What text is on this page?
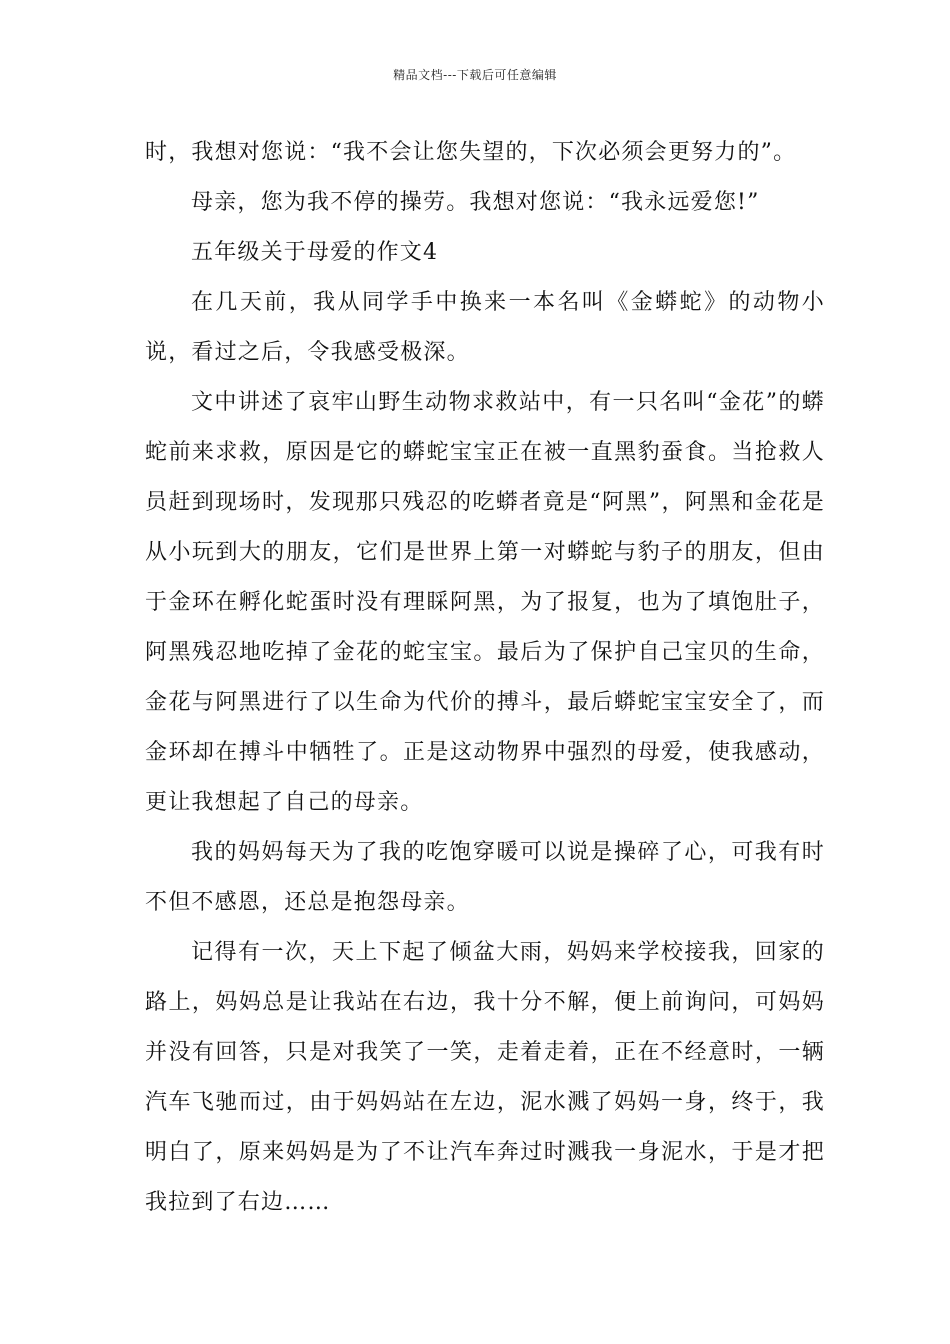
精品文档---下载后可任意编辑

时，我想对您说：“我不会让您失望的，下次必须会更努力的”。

母亲，您为我不停的操劳。我想对您说：“我永远爱您!”

五年级关于母爱的作文4

在几天前，我从同学手中换来一本名叫《金蟒蛇》的动物小说，看过之后，令我感受极深。

文中讲述了哀牢山野生动物求救站中，有一只名叫“金花”的蟒蛇前来求救，原因是它的蟒蛇宝宝正在被一直黑豹蚕食。当抢救人员赶到现场时，发现那只残忍的吃蟒者竟是“阿黑”，阿黑和金花是从小玩到大的朋友，它们是世界上第一对蟒蛇与豹子的朋友，但由于金环在孵化蛇蛋时没有理睬阿黑，为了报复，也为了填饱肚子，阿黑残忍地吃掉了金花的蛇宝宝。最后为了保护自己宝贝的生命，金花与阿黑进行了以生命为代价的搏斗，最后蟒蛇宝宝安全了，而金环却在搏斗中牺牲了。正是这动物界中强烈的母爱，使我感动，更让我想起了自己的母亲。

我的妈妈每天为了我的吃饱穿暖可以说是操碎了心，可我有时不但不感恩，还总是抱怨母亲。

记得有一次，天上下起了倾盆大雨，妈妈来学校接我，回家的路上，妈妈总是让我站在右边，我十分不解，便上前询问，可妈妈并没有回答，只是对我笑了一笑，走着走着，正在不经意时，一辆汽车飞驰而过，由于妈妈站在左边，泥水溅了妈妈一身，终于，我明白了，原来妈妈是为了不让汽车奔过时溅我一身泥水，于是才把我拉到了右边……
